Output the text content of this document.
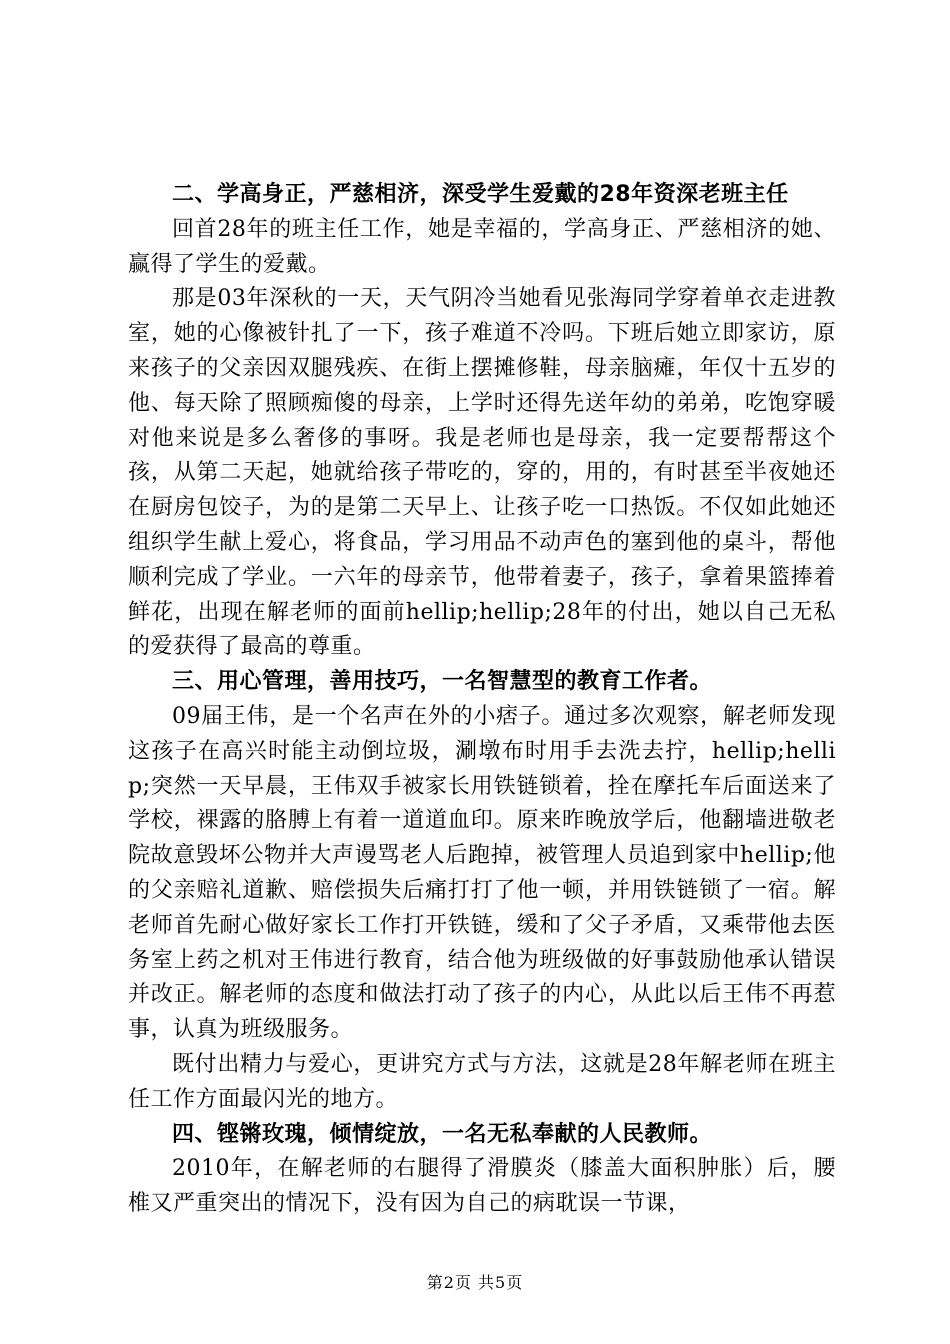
二、学高身正，严慈相济，深受学生爱戴的28年资深老班主任

回首28年的班主任工作，她是幸福的，学高身正、严慈相济的她、赢得了学生的爱戴。

那是03年深秋的一天，天气阴冷当她看见张海同学穿着单衣走进教室，她的心像被针扎了一下，孩子难道不冷吗。下班后她立即家访，原来孩子的父亲因双腿残疾、在街上摆摊修鞋，母亲脑瘫，年仅十五岁的他、每天除了照顾痴傻的母亲，上学时还得先送年幼的弟弟，吃饱穿暖对他来说是多么奢侈的事呀。我是老师也是母亲，我一定要帮帮这个孩，从第二天起，她就给孩子带吃的，穿的，用的，有时甚至半夜她还在厨房包饺子，为的是第二天早上、让孩子吃一口热饭。不仅如此她还组织学生献上爱心，将食品，学习用品不动声色的塞到他的桌斗，帮他顺利完成了学业。一六年的母亲节，他带着妻子，孩子，拿着果篮捧着鲜花，出现在解老师的面前hellip;hellip;28年的付出，她以自己无私的爱获得了最高的尊重。

三、用心管理，善用技巧，一名智慧型的教育工作者。

09届王伟，是一个名声在外的小痞子。通过多次观察，解老师发现这孩子在高兴时能主动倒垃圾，涮墩布时用手去洗去拧，hellip;hellip;突然一天早晨，王伟双手被家长用铁链锁着，拴在摩托车后面送来了学校，裸露的胳膊上有着一道道血印。原来昨晚放学后，他翻墙进敬老院故意毁坏公物并大声谩骂老人后跑掉，被管理人员追到家中hellip;他的父亲赔礼道歉、赔偿损失后痛打打了他一顿，并用铁链锁了一宿。解老师首先耐心做好家长工作打开铁链，缓和了父子矛盾，又乘带他去医务室上药之机对王伟进行教育，结合他为班级做的好事鼓励他承认错误并改正。解老师的态度和做法打动了孩子的内心，从此以后王伟不再惹事，认真为班级服务。

既付出精力与爱心，更讲究方式与方法，这就是28年解老师在班主任工作方面最闪光的地方。

四、铿锵玫瑰，倾情绽放，一名无私奉献的人民教师。

2010年，在解老师的右腿得了滑膜炎（膝盖大面积肿胀）后，腰椎又严重突出的情况下，没有因为自己的病耽误一节课，

第2页 共5页
